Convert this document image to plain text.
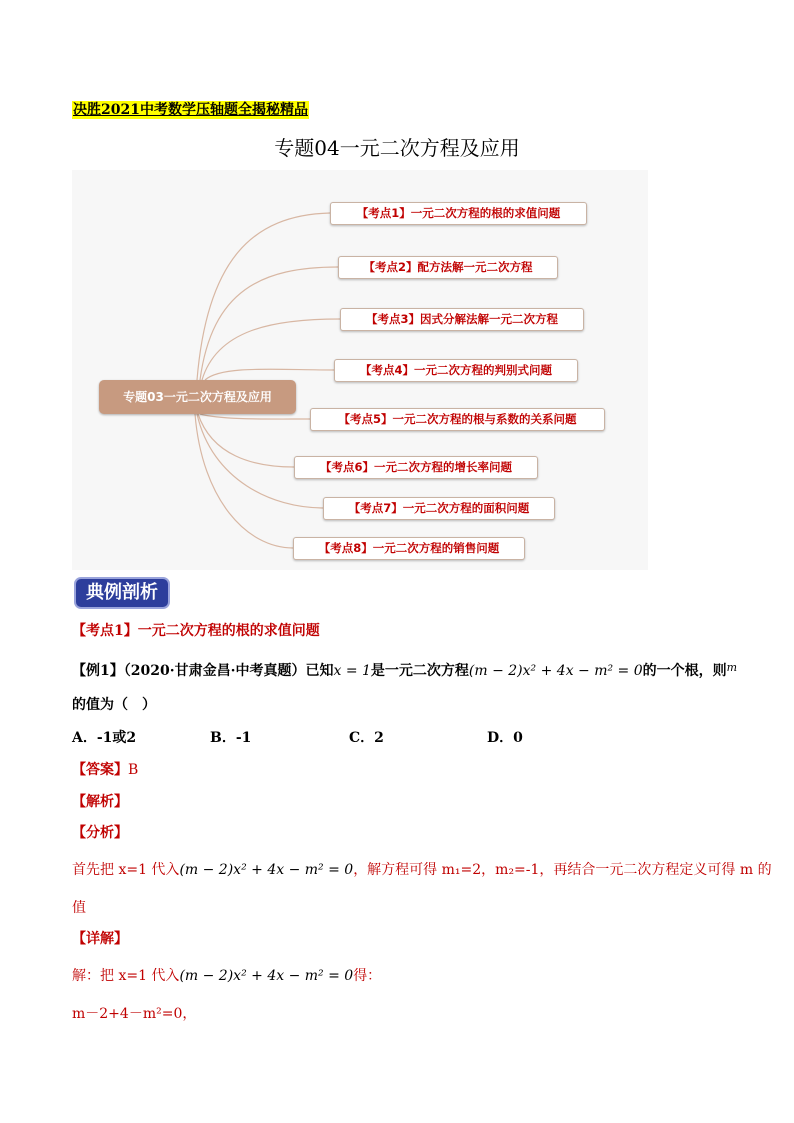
决胜2021中考数学压轴题全揭秘精品
专题04一元二次方程及应用
专题03一元二次方程及应用
【考点1】一元二次方程的根的求值问题
【考点2】配方法解一元二次方程
【考点3】因式分解法解一元二次方程
【考点4】一元二次方程的判别式问题
【考点5】一元二次方程的根与系数的关系问题
【考点6】一元二次方程的增长率问题
【考点7】一元二次方程的面积问题
【考点8】一元二次方程的销售问题
典例剖析
【考点1】一元二次方程的根的求值问题
【例1】（2020·甘肃金昌·中考真题）已知x = 1是一元二次方程(m − 2)x² + 4x − m² = 0的一个根，则$^m$
的值为（　）
A．-1或2	B．-1	C．2	D．0
【答案】B
【解析】
【分析】
首先把 x=1 代入(m − 2)x² + 4x − m² = 0，解方程可得 m₁=2，m₂=-1，再结合一元二次方程定义可得 m 的
值
【详解】
解：把 x=1 代入(m − 2)x² + 4x − m² = 0得：
m－2+4－m²=0，
